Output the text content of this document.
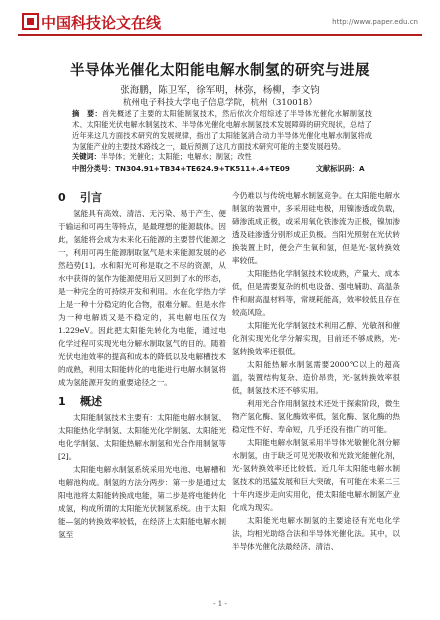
中国科技论文在线	http://www.paper.edu.cn
半导体光催化太阳能电解水制氢的研究与进展
张海鹏，陈卫军，徐军明，林弥，杨柳，李文钧
杭州电子科技大学电子信息学院，杭州（310018）
摘　要：首先概述了主要的太阳能制氢技术，然后依次介绍综述了半导体光催化水解制氢技术、太阳能光伏电解水制氢技术、半导体光催化电解水制氢技术发展障碍的研究现状，总结了近年来这几方面技术研究的发展规律，指出了太阳能氢消合动力半导体光催化电解水制氢将成为氢能产业的主要技术路线之一，最后预测了这几方面技术研究可能的主要发展趋势。
关键词：半导体；光催化；太阳能；电解水；制氢；改性
中图分类号：TN304.91+TB34+TE624.9+TK511+.4+TE09	文献标识码：A
0 引言

氢能具有高效、清洁、无污染、易于产生、便于输运和可再生等特点，是最理想的能源载体。因此，氢能将会成为未来化石能源的主要替代能源之一，利用可再生能源制取氢气是未来能源发展的必然趋势[1]。水和阳光可称是取之不尽的资源，从水中获得的氢作为能源使用后又回到了水的形态，是一种完全的可持续开发和利用。水在化学热力学上是一种十分稳定的化合物，很难分解。但是水作为一种电解质又是不稳定的，其电解电压仅为1.229eV。因此把太阳能先转化为电能，通过电化学过程可实现光电分解水制取氢气的目的。随着光伏电池效率的提高和成本的降低以及电解槽技术的成熟，利用太阳能转化的电能进行电解水制氢将成为氢能源开发的重要途径之一。

1 概述

太阳能制氢技术主要有：太阳能电解水制氢、太阳能热化学制氢、太阳能光化学制氢、太阳能光电化学制氢、太阳能热解水制氢和光合作用制氢等[2]。

太阳能电解水制氢系统采用光电池、电解槽和电解池构成。制氢的方法分两步：第一步是通过太阳电池将太阳能转换成电能，第二步是将电能转化成氢，构成所谓的太阳能光伏制氢系统。由于太阳能—氢的转换效率较低，在经济上太阳能电解水制氢至

今仍难以与传统电解水制氢竞争。在太阳能电解水制氢的装置中，多采用硅电极，用镍渗透或负载，碲渗流成正极，或采用氧化铁渗流为正极，镍加渗透及硅渗透分别形成正负极。当阳光照射在光伏转换装置上时，便会产生氧和氢，但是光-氢转换效率较低。

太阳能热化学制氢技术较成熟，产量大、成本低，但是需要复杂的机电设备、强电辅助、高温条件和耐高温材料等，常规耗能高，效率较低且存在较高风险。

太阳能光化学制氢技术利用乙醇、光敏剂和催化剂实现光化学分解实现，目前还不够成熟，光-氢转换效率还很低。

太阳能热解水制氢需要2000℃以上的超高温，装置结构复杂、造价昂贵，光-氢转换效率很低，制氢技术还不够实用。

利用光合作用制氢技术还处于探索阶段，微生物产氢化酶、氢化酶效率低，氢化酶、氢化酶的热稳定性不好、寿命短，几乎还没有推广的可能。

太阳能电解水制氢采用半导体光敏催化剂分解水制氢，由于缺乏可见光吸收和光致光能催化剂，光-氢转换效率还比较低。近几年太阳能电解水制氢技术的迅猛发展和巨大突破，有可能在未来二三十年内逐步走向实用化，使太阳能电解水制氢产业化成为现实。

太阳能光电解水制氢的主要途径有光电化学法，均相光助络合法和半导体光催化法。其中，以半导体光催化法最经济、清洁、

- 1 -
